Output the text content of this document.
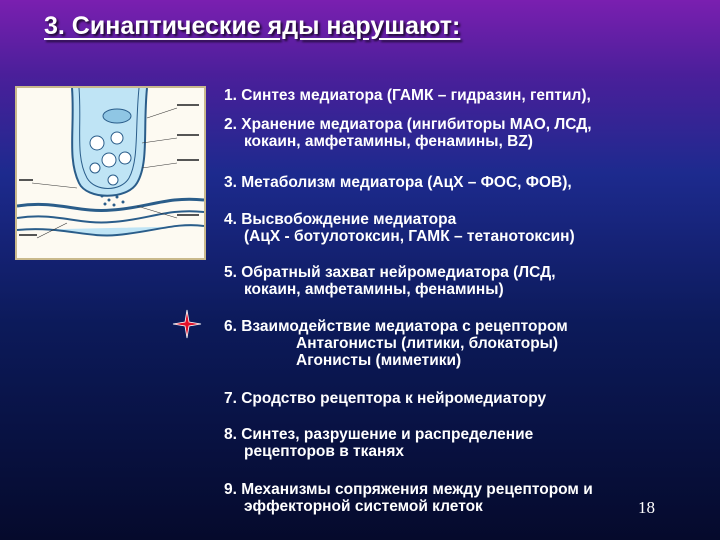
3. Синаптические яды нарушают:
1. Синтез медиатора (ГАМК – гидразин, гептил),
2. Хранение медиатора (ингибиторы МАО, ЛСД,
кокаин, амфетамины, фенамины, BZ)
3. Метаболизм медиатора (АцХ – ФОС, ФОВ),
4. Высвобождение медиатора
(АцХ - ботулотоксин, ГАМК – тетанотоксин)
5. Обратный захват нейромедиатора (ЛСД,
кокаин, амфетамины, фенамины)
6. Взаимодействие медиатора с рецептором
Антагонисты (литики, блокаторы)
Агонисты (миметики)
7. Сродство рецептора к нейромедиатору
8. Синтез, разрушение и распределение
рецепторов в тканях
9. Механизмы сопряжения между рецептором и
эффекторной системой клеток	18
